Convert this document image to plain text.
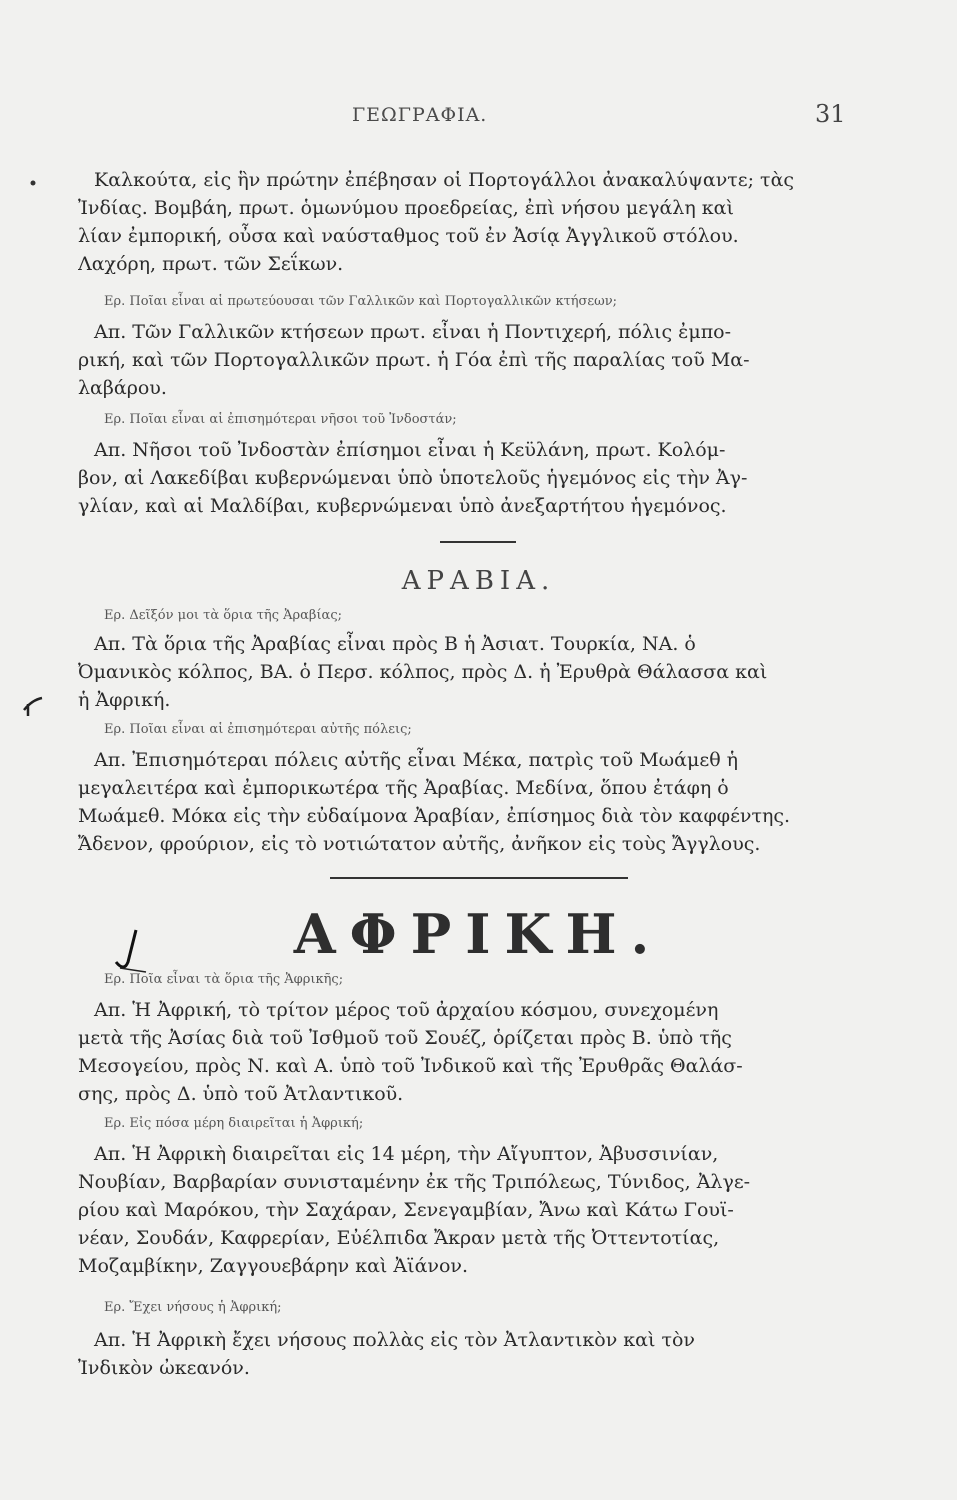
ΓΕΩΓΡΑΦΙΑ.	31

Καλκούτα, εἰς ἣν πρώτην ἐπέβησαν οἱ Πορτογάλλοι ἀνακαλύψαντε; τὰς

Ἰνδίας. Βομβάη, πρωτ. ὁμωνύμου προεδρείας, ἐπὶ νήσου μεγάλη καὶ

λίαν ἐμπορική, οὖσα καὶ ναύσταθμος τοῦ ἐν Ἀσίᾳ Ἀγγλικοῦ στόλου.

Λαχόρη, πρωτ. τῶν Σεΐκων.

Ερ. Ποῖαι εἶναι αἱ πρωτεύουσαι τῶν Γαλλικῶν καὶ Πορτογαλλικῶν κτήσεων;

Απ. Τῶν Γαλλικῶν κτήσεων πρωτ. εἶναι ἡ Ποντιχερή, πόλις ἐμπο-

ρική, καὶ τῶν Πορτογαλλικῶν πρωτ. ἡ Γόα ἐπὶ τῆς παραλίας τοῦ Μα-

λαβάρου.

Ερ. Ποῖαι εἶναι αἱ ἐπισημότεραι νῆσοι τοῦ Ἰνδοστάν;

Απ. Νῆσοι τοῦ Ἰνδοστὰν ἐπίσημοι εἶναι ἡ Κεϋλάνη, πρωτ. Κολόμ-

βον, αἱ Λακεδίβαι κυβερνώμεναι ὑπὸ ὑποτελοῦς ἡγεμόνος εἰς τὴν Ἀγ-

γλίαν, καὶ αἱ Μαλδίβαι, κυβερνώμεναι ὑπὸ ἀνεξαρτήτου ἡγεμόνος.

ΑΡΑΒΙΑ.

Ερ. Δεῖξόν μοι τὰ ὅρια τῆς Ἀραβίας;

Απ. Τὰ ὅρια τῆς Ἀραβίας εἶναι πρὸς Β ἡ Ἀσιατ. Τουρκία, ΝΑ. ὁ

Ὀμανικὸς κόλπος, ΒΑ. ὁ Περσ. κόλπος, πρὸς Δ. ἡ Ἐρυθρὰ Θάλασσα καὶ

ἡ Ἀφρική.

Ερ. Ποῖαι εἶναι αἱ ἐπισημότεραι αὐτῆς πόλεις;

Απ. Ἐπισημότεραι πόλεις αὐτῆς εἶναι Μέκα, πατρὶς τοῦ Μωάμεθ ἡ

μεγαλειτέρα καὶ ἐμπορικωτέρα τῆς Ἀραβίας. Μεδίνα, ὅπου ἐτάφη ὁ

Μωάμεθ. Μόκα εἰς τὴν εὐδαίμονα Ἀραβίαν, ἐπίσημος διὰ τὸν καφφέντης.

Ἄδενον, φρούριον, εἰς τὸ νοτιώτατον αὐτῆς, ἀνῆκον εἰς τοὺς Ἄγγλους.

ΑΦΡΙΚΗ.

Ερ. Ποῖα εἶναι τὰ ὅρια τῆς Ἀφρικῆς;

Απ. Ἡ Ἀφρική, τὸ τρίτον μέρος τοῦ ἀρχαίου κόσμου, συνεχομένη

μετὰ τῆς Ἀσίας διὰ τοῦ Ἰσθμοῦ τοῦ Σουέζ, ὁρίζεται πρὸς Β. ὑπὸ τῆς

Μεσογείου, πρὸς Ν. καὶ Α. ὑπὸ τοῦ Ἰνδικοῦ καὶ τῆς Ἐρυθρᾶς Θαλάσ-

σης, πρὸς Δ. ὑπὸ τοῦ Ἀτλαντικοῦ.

Ερ. Εἰς πόσα μέρη διαιρεῖται ἡ Ἀφρική;

Απ. Ἡ Ἀφρικὴ διαιρεῖται εἰς 14 μέρη, τὴν Αἴγυπτον, Ἀβυσσινίαν,

Νουβίαν, Βαρβαρίαν συνισταμένην ἐκ τῆς Τριπόλεως, Τύνιδος, Ἀλγε-

ρίου καὶ Μαρόκου, τὴν Σαχάραν, Σενεγαμβίαν, Ἄνω καὶ Κάτω Γουϊ-

νέαν, Σουδάν, Καφρερίαν, Εὐέλπιδα Ἄκραν μετὰ τῆς Ὀττεντοτίας,

Μοζαμβίκην, Ζαγγουεβάρην καὶ Ἀϊάνον.

Ερ. Ἔχει νήσους ἡ Ἀφρική;

Απ. Ἡ Ἀφρικὴ ἔχει νήσους πολλὰς εἰς τὸν Ἀτλαντικὸν καὶ τὸν

Ἰνδικὸν ὠκεανόν.
